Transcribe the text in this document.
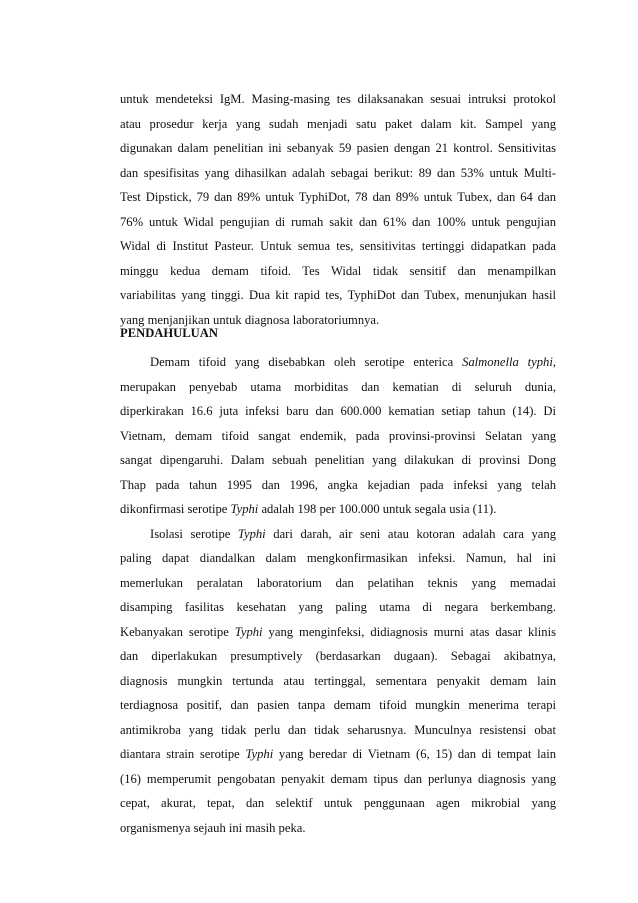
untuk mendeteksi IgM. Masing-masing tes dilaksanakan sesuai intruksi protokol
atau prosedur kerja yang sudah menjadi satu paket dalam kit. Sampel yang
digunakan dalam penelitian ini sebanyak 59 pasien dengan 21 kontrol. Sensitivitas
dan spesifisitas yang dihasilkan adalah sebagai berikut: 89 dan 53% untuk Multi-
Test Dipstick, 79 dan 89% untuk TyphiDot, 78 dan 89% untuk Tubex, dan 64 dan
76% untuk Widal pengujian di rumah sakit dan 61% dan 100% untuk pengujian
Widal di Institut Pasteur. Untuk semua tes, sensitivitas tertinggi didapatkan pada
minggu kedua demam tifoid. Tes Widal tidak sensitif dan menampilkan
variabilitas yang tinggi. Dua kit rapid tes, TyphiDot dan Tubex, menunjukan hasil
yang menjanjikan untuk diagnosa laboratoriumnya.
PENDAHULUAN
Demam tifoid yang disebabkan oleh serotipe enterica Salmonella typhi,
merupakan penyebab utama morbiditas dan kematian di seluruh dunia,
diperkirakan 16.6 juta infeksi baru dan 600.000 kematian setiap tahun (14). Di
Vietnam, demam tifoid sangat endemik, pada provinsi-provinsi Selatan yang
sangat dipengaruhi. Dalam sebuah penelitian yang dilakukan di provinsi Dong
Thap pada tahun 1995 dan 1996, angka kejadian pada infeksi yang telah
dikonfirmasi serotipe Typhi adalah 198 per 100.000 untuk segala usia (11).
Isolasi serotipe Typhi dari darah, air seni atau kotoran adalah cara yang
paling dapat diandalkan dalam mengkonfirmasikan infeksi. Namun, hal ini
memerlukan peralatan laboratorium dan pelatihan teknis yang memadai
disamping fasilitas kesehatan yang paling utama di negara berkembang.
Kebanyakan serotipe Typhi yang menginfeksi, didiagnosis murni atas dasar klinis
dan diperlakukan presumptively (berdasarkan dugaan). Sebagai akibatnya,
diagnosis mungkin tertunda atau tertinggal, sementara penyakit demam lain
terdiagnosa positif, dan pasien tanpa demam tifoid mungkin menerima terapi
antimikroba yang tidak perlu dan tidak seharusnya. Munculnya resistensi obat
diantara strain serotipe Typhi yang beredar di Vietnam (6, 15) dan di tempat lain
(16) memperumit pengobatan penyakit demam tipus dan perlunya diagnosis yang
cepat, akurat, tepat, dan selektif untuk penggunaan agen mikrobial yang
organismenya sejauh ini masih peka.
